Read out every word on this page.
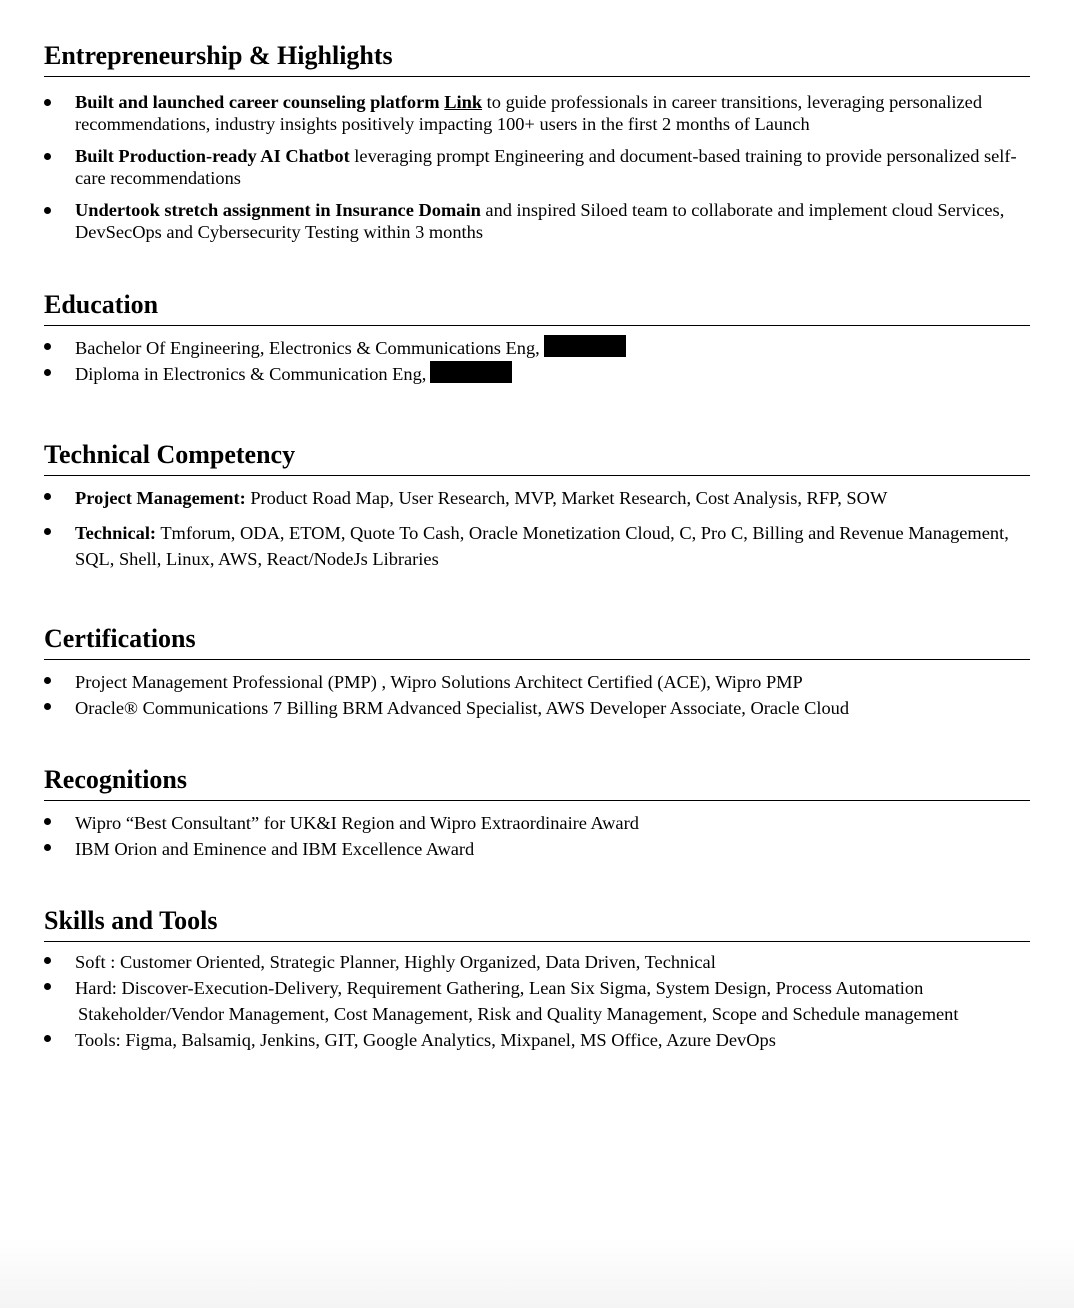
Entrepreneurship & Highlights
Built and launched career counseling platform Link to guide professionals in career transitions, leveraging personalized recommendations, industry insights positively impacting 100+ users in the first 2 months of Launch
Built Production-ready AI Chatbot leveraging prompt Engineering and document-based training to provide personalized self-care recommendations
Undertook stretch assignment in Insurance Domain and inspired Siloed team to collaborate and implement cloud Services, DevSecOps and Cybersecurity Testing within 3 months
Education
Bachelor Of Engineering, Electronics & Communications Eng,
Diploma in Electronics & Communication Eng,
Technical Competency
Project Management: Product Road Map, User Research, MVP, Market Research, Cost Analysis, RFP, SOW
Technical: Tmforum, ODA, ETOM, Quote To Cash, Oracle Monetization Cloud, C, Pro C, Billing and Revenue Management, SQL, Shell, Linux, AWS, React/NodeJs Libraries
Certifications
Project Management Professional (PMP) , Wipro Solutions Architect Certified (ACE), Wipro PMP
Oracle® Communications 7 Billing BRM Advanced Specialist, AWS Developer Associate, Oracle Cloud
Recognitions
Wipro “Best Consultant” for UK&I Region and Wipro Extraordinaire Award
IBM Orion and Eminence and IBM Excellence Award
Skills and Tools
Soft : Customer Oriented, Strategic Planner, Highly Organized, Data Driven, Technical
Hard: Discover-Execution-Delivery, Requirement Gathering, Lean Six Sigma, System Design, Process Automation
Stakeholder/Vendor Management, Cost Management, Risk and Quality Management, Scope and Schedule management
Tools: Figma, Balsamiq, Jenkins, GIT, Google Analytics, Mixpanel, MS Office, Azure DevOps
